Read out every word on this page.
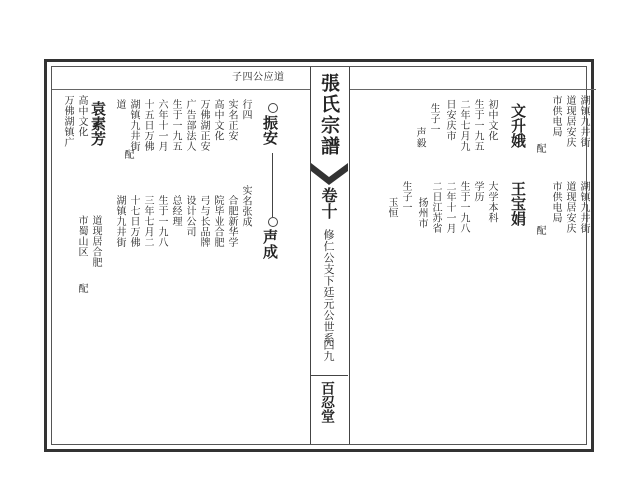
子四公应道
万佛湖镇广 高中文化 袁素芳 道 湖镇九井街 十五日万佛 六年十一月 生于一九五 广告部法人 万佛湖正安 高中文化 实名正安 行四
振安
声成
市蜀山区 道现居合肥 湖镇九井街 十七日万佛 三年七月二 生于一九八 总经理 设计公司 弓与长品牌 院毕业合肥 合肥新华学 实名张成
配
配	張氏宗譜
卷十
修仁公支下廷元公世系
四九
百忍堂
湖镇九井街
道现居安庆
市供电局
配
文升娥
初中文化
生于一九五
二年七月九
日安庆市
生子一
声毅
湖镇九井街
道现居安庆
市供电局
配
王宝娟
大学本科
学历
生于一九八
二年十一月
二日江苏省
扬州市
生子一
玉恒
